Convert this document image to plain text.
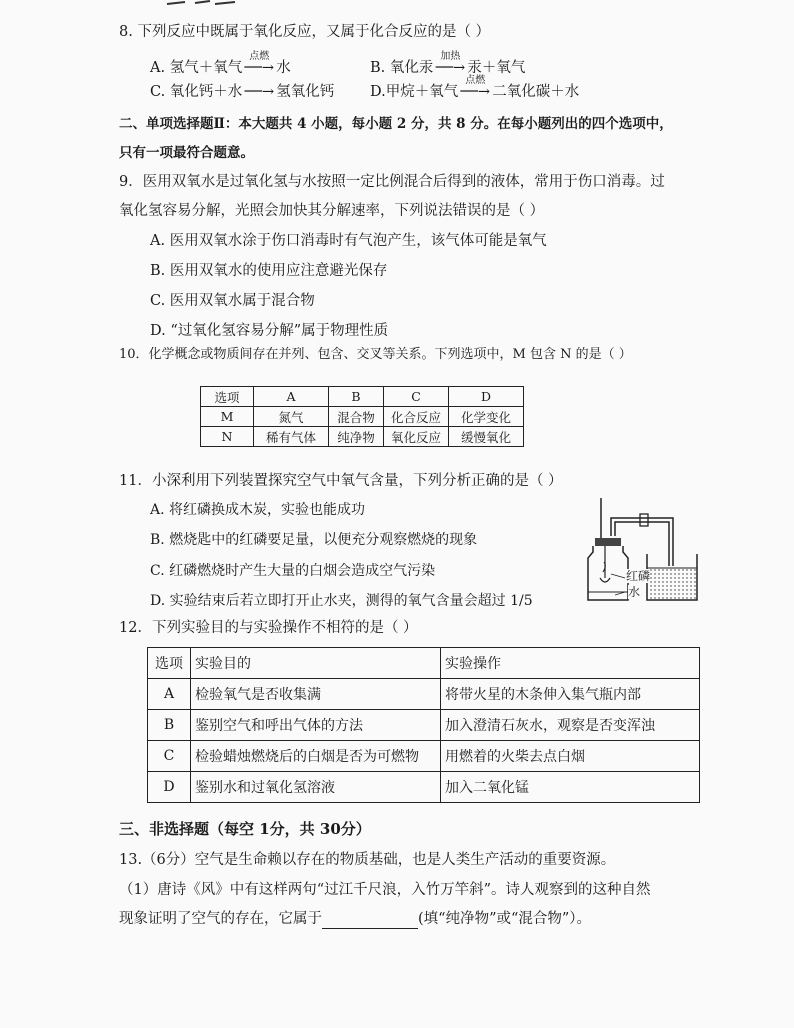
8. 下列反应中既属于氧化反应，又属于化合反应的是（ ）
A. 氢气＋氧气
点燃
──→ 水	B. 氧化汞
加热
──→ 汞＋氧气
C. 氧化钙＋水 ──→ 氢氧化钙 D.甲烷＋氧气
点燃
──→ 二氧化碳＋水
二、单项选择题Ⅱ：本大题共 4 小题，每小题 2 分，共 8 分。在每小题列出的四个选项中，
只有一项最符合题意。
9．医用双氧水是过氧化氢与水按照一定比例混合后得到的液体，常用于伤口消毒。过
氧化氢容易分解，光照会加快其分解速率，下列说法错误的是（ ）
A. 医用双氧水涂于伤口消毒时有气泡产生，该气体可能是氧气
B. 医用双氧水的使用应注意避光保存
C. 医用双氧水属于混合物
D. “过氧化氢容易分解”属于物理性质
10．化学概念或物质间存在并列、包含、交叉等关系。下列选项中，M 包含 N 的是（ ）
选项	A	B	C	D
M	氮气	混合物	化合反应	化学变化
N	稀有气体	纯净物	氧化反应	缓慢氧化
11．小深利用下列装置探究空气中氧气含量，下列分析正确的是（ ）
A. 将红磷换成木炭，实验也能成功
B. 燃烧匙中的红磷要足量，以便充分观察燃烧的现象
C. 红磷燃烧时产生大量的白烟会造成空气污染
D. 实验结束后若立即打开止水夹，测得的氧气含量会超过 1/5
红磷
水
12．下列实验目的与实验操作不相符的是（ ）
选项	实验目的	实验操作
A	检验氧气是否收集满	将带火星的木条伸入集气瓶内部
B	鉴别空气和呼出气体的方法	加入澄清石灰水，观察是否变浑浊
C	检验蜡烛燃烧后的白烟是否为可燃物	用燃着的火柴去点白烟
D	鉴别水和过氧化氢溶液	加入二氧化锰
三、非选择题（每空 1分，共 30分）
13.（6分）空气是生命赖以存在的物质基础，也是人类生产活动的重要资源。
（1）唐诗《风》中有这样两句“过江千尺浪，入竹万竿斜”。诗人观察到的这种自然
现象证明了空气的存在，它属于	(填“纯净物”或“混合物”）。
